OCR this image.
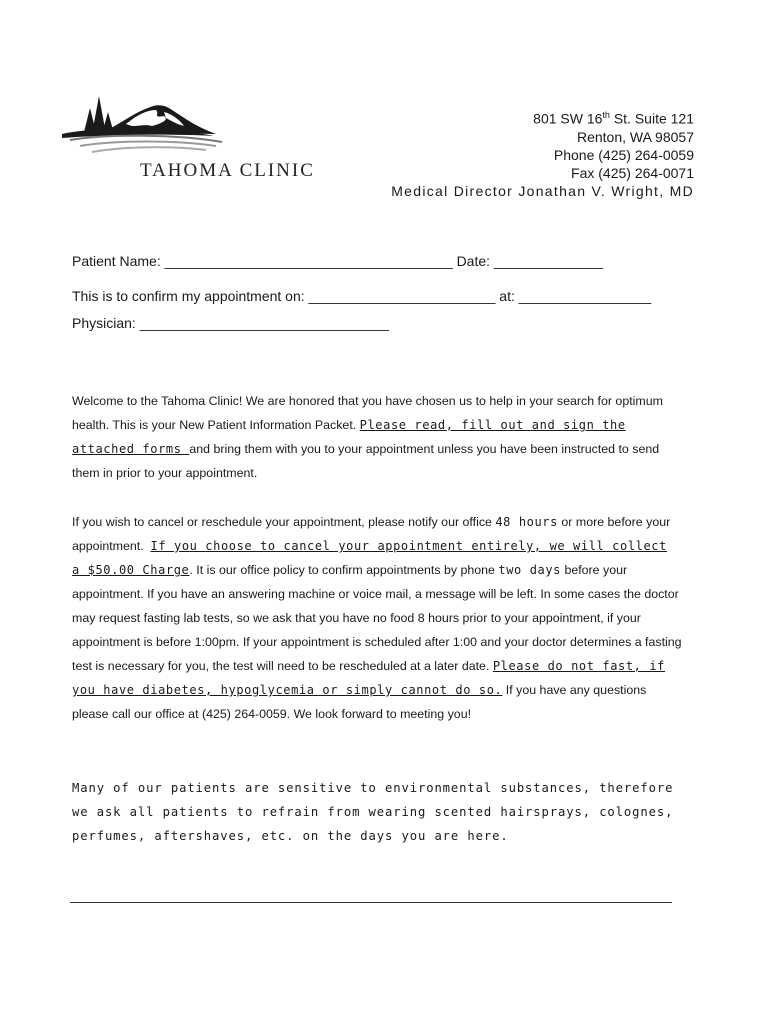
TAHOMA CLINIC
801 SW 16th St. Suite 121
Renton, WA 98057
Phone (425) 264-0059
Fax (425) 264-0071
Medical Director Jonathan V. Wright, MD
Patient Name: _____________________________________ Date: ______________
This is to confirm my appointment on: ________________________ at: _________________
Physician: ________________________________
Welcome to the Tahoma Clinic! We are honored that you have chosen us to help in your search for optimum health. This is your New Patient Information Packet. Please read, fill out and sign the attached forms and bring them with you to your appointment unless you have been instructed to send them in prior to your appointment.
If you wish to cancel or reschedule your appointment, please notify our office 48 hours or more before your appointment. If you choose to cancel your appointment entirely, we will collect a $50.00 Charge. It is our office policy to confirm appointments by phone two days before your appointment. If you have an answering machine or voice mail, a message will be left. In some cases the doctor may request fasting lab tests, so we ask that you have no food 8 hours prior to your appointment, if your appointment is before 1:00pm. If your appointment is scheduled after 1:00 and your doctor determines a fasting test is necessary for you, the test will need to be rescheduled at a later date. Please do not fast, if you have diabetes, hypoglycemia or simply cannot do so. If you have any questions please call our office at (425) 264-0059. We look forward to meeting you!
Many of our patients are sensitive to environmental substances, therefore we ask all patients to refrain from wearing scented hairsprays, colognes, perfumes, aftershaves, etc. on the days you are here.
